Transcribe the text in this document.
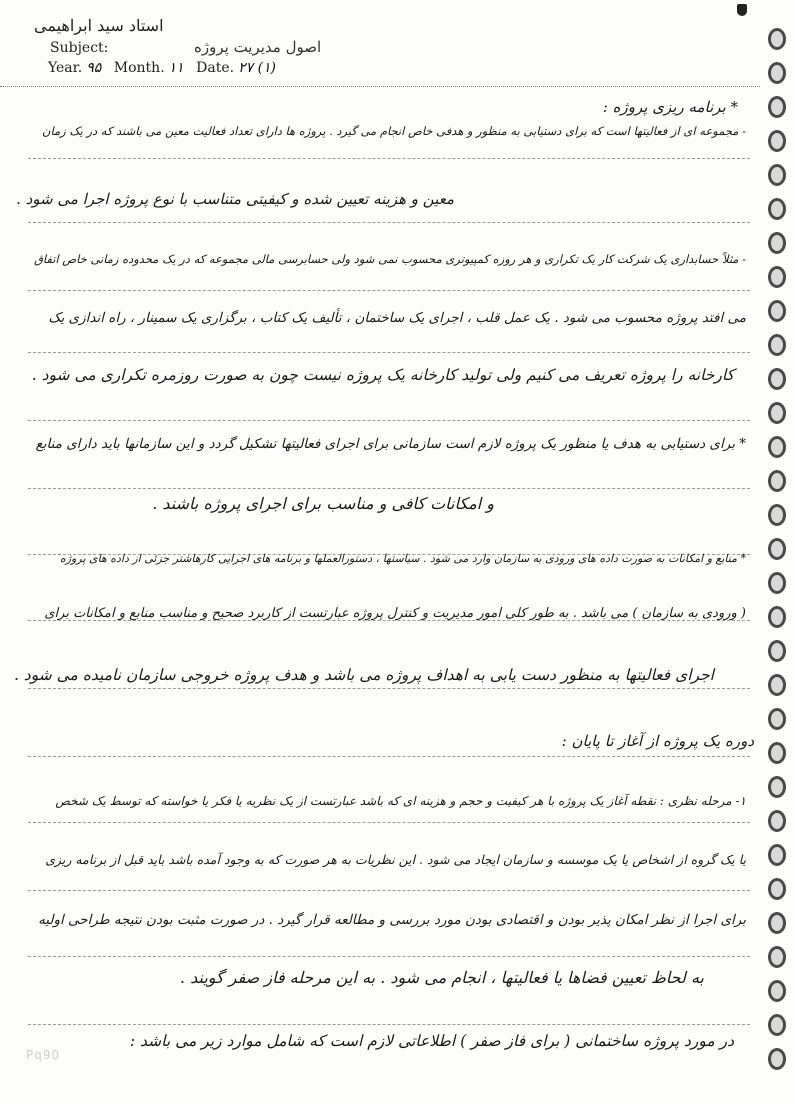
استاد سید ابراهیمی
Subject:	اصول مدیریت پروژه
Year. ۹۵ Month. ۱۱ Date. ۲۷ (۱)
* برنامه ریزی پروژه :
- مجموعه ای از فعالیتها است که برای دستیابی به منظور و هدفی خاص انجام می گیرد . پروژه ها دارای تعداد فعالیت معین می باشند که در یک زمان
معین و هزینه تعیین شده و کیفیتی متناسب با نوع پروژه اجرا می شود .
- مثلاً حسابداری یک شرکت کار یک تکراری و هر روزه کمپیوتری محسوب نمی شود ولی حسابرسی مالی مجموعه که در یک محدوده زمانی خاص اتفاق
می افتد پروژه محسوب می شود . یک عمل قلب ، اجرای یک ساختمان ، تألیف یک کتاب ، برگزاری یک سمینار ، راه اندازی یک
کارخانه را پروژه تعریف می کنیم ولی تولید کارخانه یک پروژه نیست چون به صورت روزمره تکراری می شود .
* برای دستیابی به هدف یا منظور یک پروژه لازم است سازمانی برای اجرای فعالیتها تشکیل گردد و این سازمانها باید دارای منابع
و امکانات کافی و مناسب برای اجرای پروژه باشند .
* منابع و امکانات به صورت داده های ورودی به سازمان وارد می شود . سیاستها ، دستورالعملها و برنامه های اجرایی کارهاشتر جزئی از داده های پروژه
( ورودی به سازمان ) می باشد . به طور کلی امور مدیریت و کنترل پروژه عبارتست از کاربرد صحیح و مناسب منابع و امکانات برای
اجرای فعالیتها به منظور دست یابی به اهداف پروژه می باشد و هدف پروژه خروجی سازمان نامیده می شود .
دوره یک پروژه از آغاز تا پایان :
۱- مرحله نظری : نقطه آغاز یک پروژه با هر کیفیت و حجم و هزینه ای که باشد عبارتست از یک نظریه یا فکر یا خواسته که توسط یک شخص
یا یک گروه از اشخاص یا یک موسسه و سازمان ایجاد می شود . این نظریات به هر صورت که به وجود آمده باشد باید قبل از برنامه ریزی
برای اجرا از نظر امکان پذیر بودن و اقتصادی بودن مورد بررسی و مطالعه قرار گیرد . در صورت مثبت بودن نتیجه طراحی اولیه
به لحاظ تعیین فضاها یا فعالیتها ، انجام می شود . به این مرحله فاز صفر گویند .
در مورد پروژه ساختمانی ( برای فاز صفر ) اطلاعاتی لازم است که شامل موارد زیر می باشد :
Pq90
